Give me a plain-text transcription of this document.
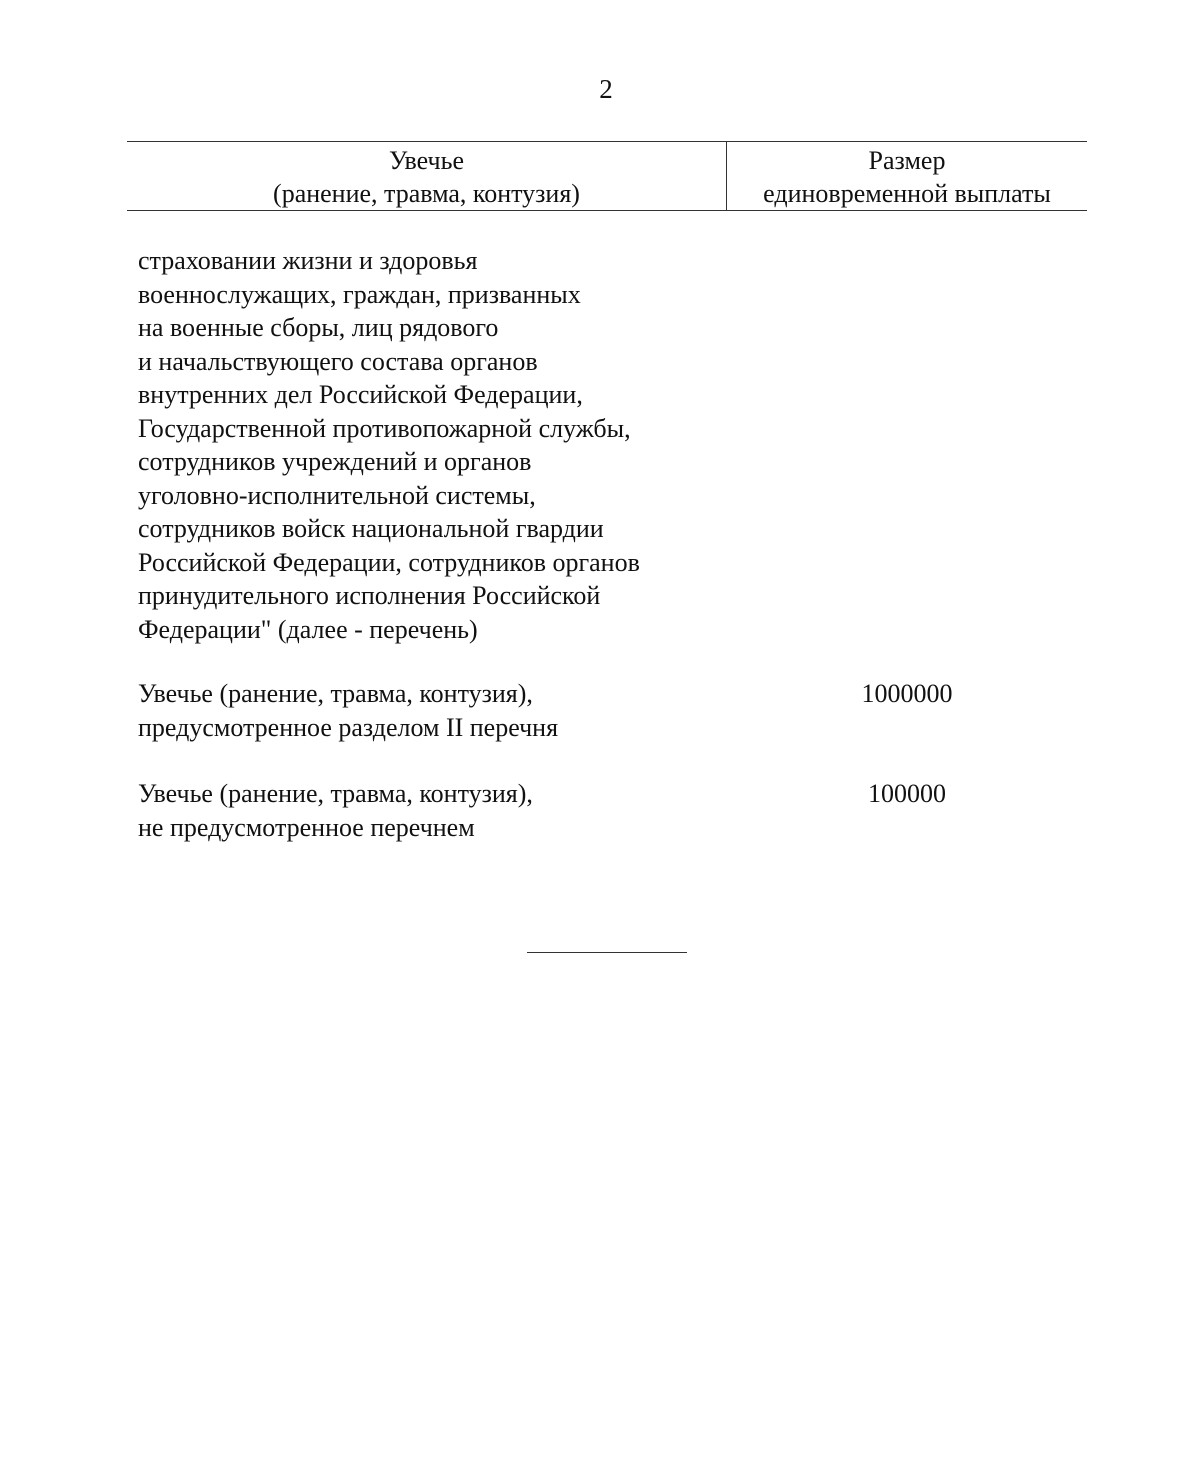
2
Увечье
(ранение, травма, контузия)
Размер
единовременной выплаты
страховании жизни и здоровья
военнослужащих, граждан, призванных
на военные сборы, лиц рядового
и начальствующего состава органов
внутренних дел Российской Федерации,
Государственной противопожарной службы,
сотрудников учреждений и органов
уголовно-исполнительной системы,
сотрудников войск национальной гвардии
Российской Федерации, сотрудников органов
принудительного исполнения Российской
Федерации" (далее - перечень)
Увечье (ранение, травма, контузия),
предусмотренное разделом II перечня
1000000
Увечье (ранение, травма, контузия),
не предусмотренное перечнем
100000
